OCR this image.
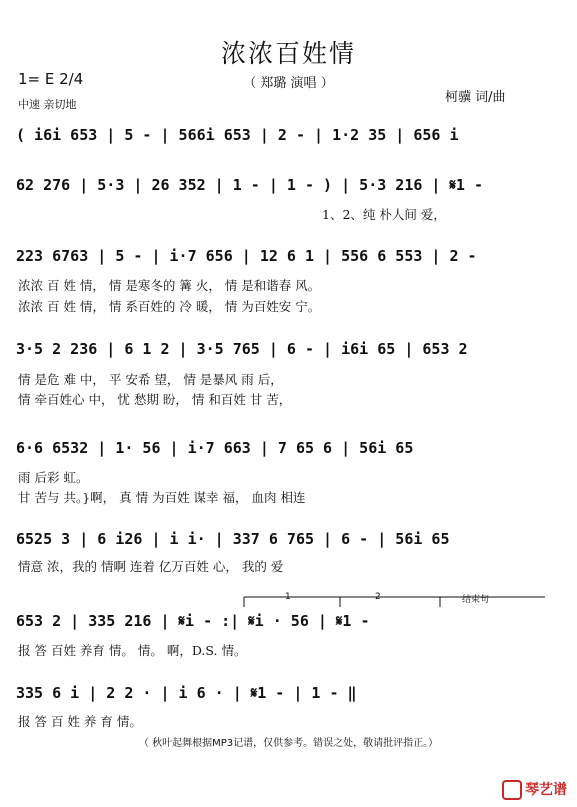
浓浓百姓情
（ 郑璐 演唱 ）
1= E 2/4
中速 亲切地	柯骥 词/曲
( i6i 653 | 5 - | 566i 653 | 2 - | 1·2 35 | 656 i
62 276 | 5·3 | 26 352 | 1 - | 1 - ) | 5·3 216 | 𝄋1 -
1、2、纯 朴人间 爱，
223 6763 | 5 - | i·7 656 | 12 6 1 | 556 6 553 | 2 -
浓浓 百 姓 情， 情 是寒冬的 篝 火， 情 是和谐春 风。
浓浓 百 姓 情， 情 系百姓的 冷 暖， 情 为百姓安 宁。
3·5 2 236 | 6 1 2 | 3·5 765 | 6 - | i6i 65 | 653 2
情 是危 难 中， 平 安希 望， 情 是暴风 雨 后，
情 牵百姓心 中， 忧 愁期 盼， 情 和百姓 甘 苦，
6·6 6532 | 1· 56 | i·7 663 | 7 65 6 | 56i 65
雨 后彩 虹。
甘 苦与 共。}啊， 真 情 为百姓 谋幸 福， 血肉 相连
6525 3 | 6 i26 | i i· | 337 6 765 | 6 - | 56i 65
情意 浓，我的 情啊 连着 亿万百姓 心， 我的 爱
1	2	结束句
653 2 | 335 216 | 𝄋i - :| 𝄋i · 56 | 𝄋1 -
报 答 百姓 养育 情。 情。 啊，D.S. 情。
335 6 i | 2 2 · | i 6 · | 𝄋1 - | 1 - ‖
报 答 百 姓 养 育 情。
（ 秋叶起舞根据MP3记谱，仅供参考。错误之处，敬请批评指正。）
琴艺谱
